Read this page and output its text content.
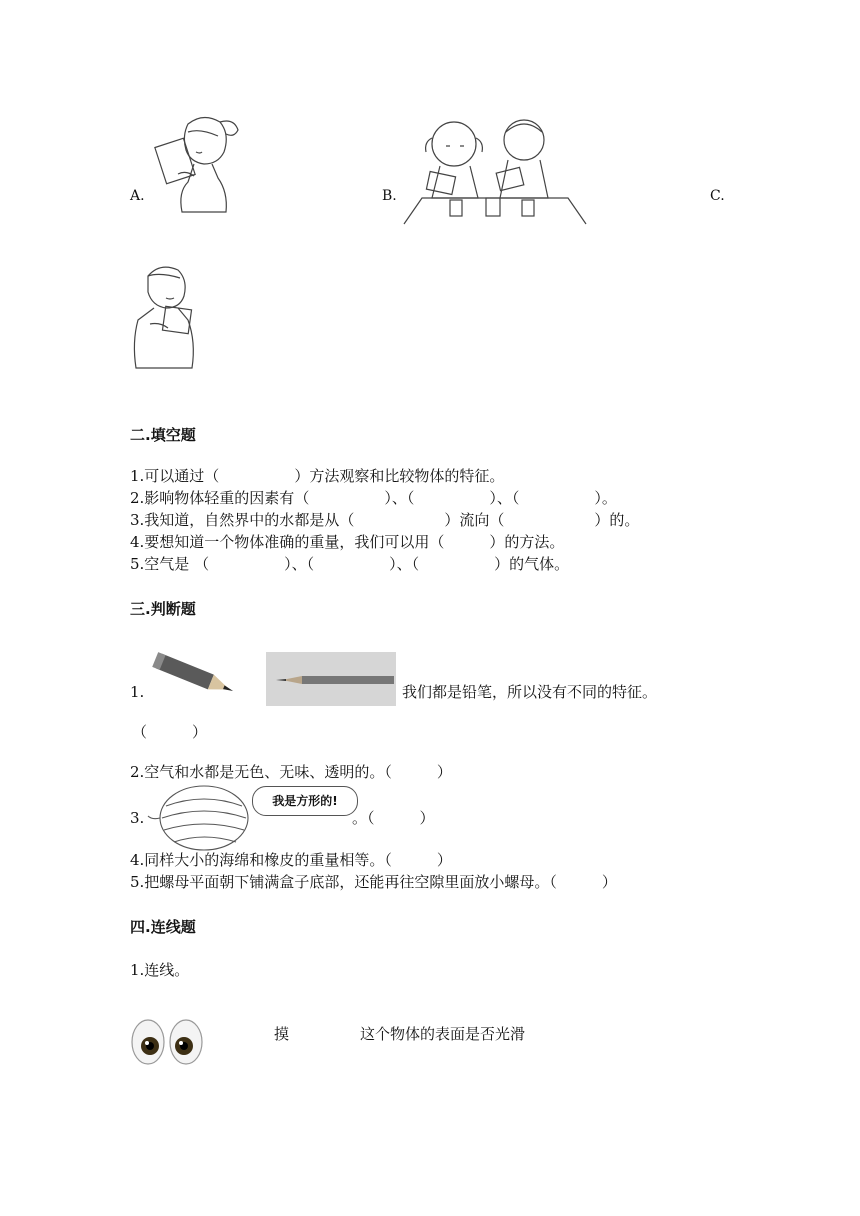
A.	B.	C.
二.填空题
1.可以通过（　　　　　）方法观察和比较物体的特征。
2.影响物体轻重的因素有（　　　　　）、（　　　　　）、（　　　　　）。
3.我知道，自然界中的水都是从（　　　　　　）流向（　　　　　　）的。
4.要想知道一个物体准确的重量，我们可以用（　　　）的方法。
5.空气是 （　　　　　）、（　　　　　）、（　　　　　）的气体。
三.判断题
1.	我们都是铅笔，所以没有不同的特征。
（　　　）
2.空气和水都是无色、无味、透明的。（　　　）
3.
我是方形的!
。（　　　）
4.同样大小的海绵和橡皮的重量相等。（　　　）
5.把螺母平面朝下铺满盒子底部，还能再往空隙里面放小螺母。（　　　）
四.连线题
1.连线。
摸	这个物体的表面是否光滑
